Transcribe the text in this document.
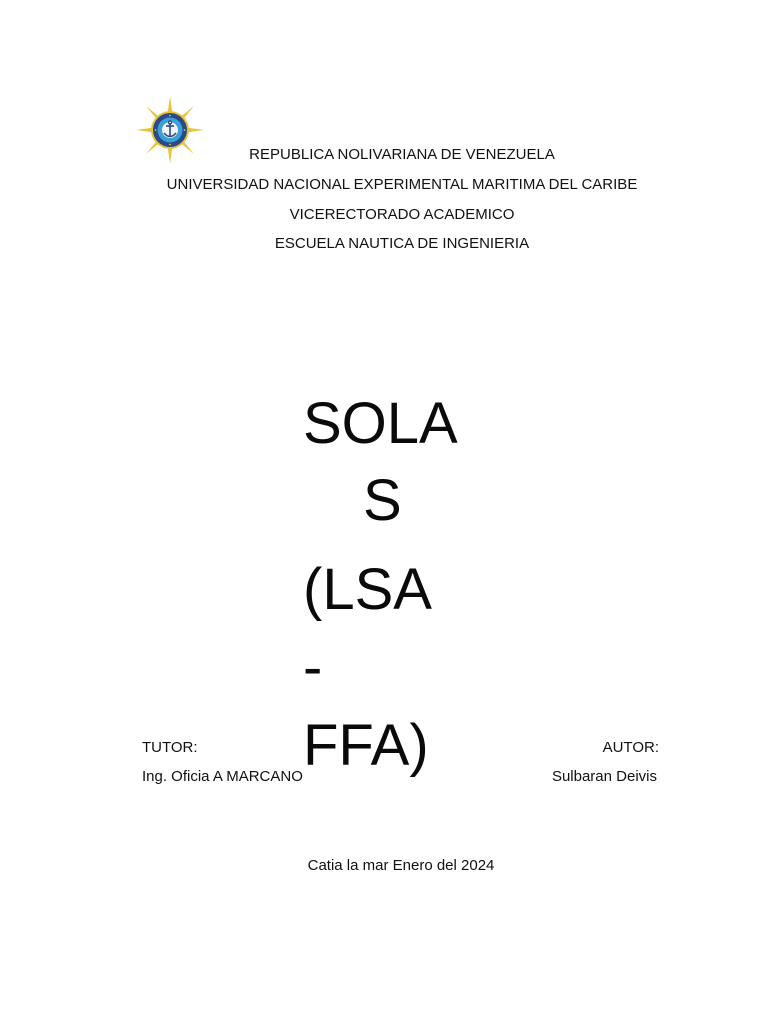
REPUBLICA NOLIVARIANA DE VENEZUELA
UNIVERSIDAD NACIONAL EXPERIMENTAL MARITIMA DEL CARIBE
VICERECTORADO ACADEMICO
ESCUELA NAUTICA DE INGENIERIA
SOLA
S
(LSA
-
FFA)
TUTOR:
Ing. Oficia A MARCANO
AUTOR:
Sulbaran Deivis
Catia la mar Enero del 2024
